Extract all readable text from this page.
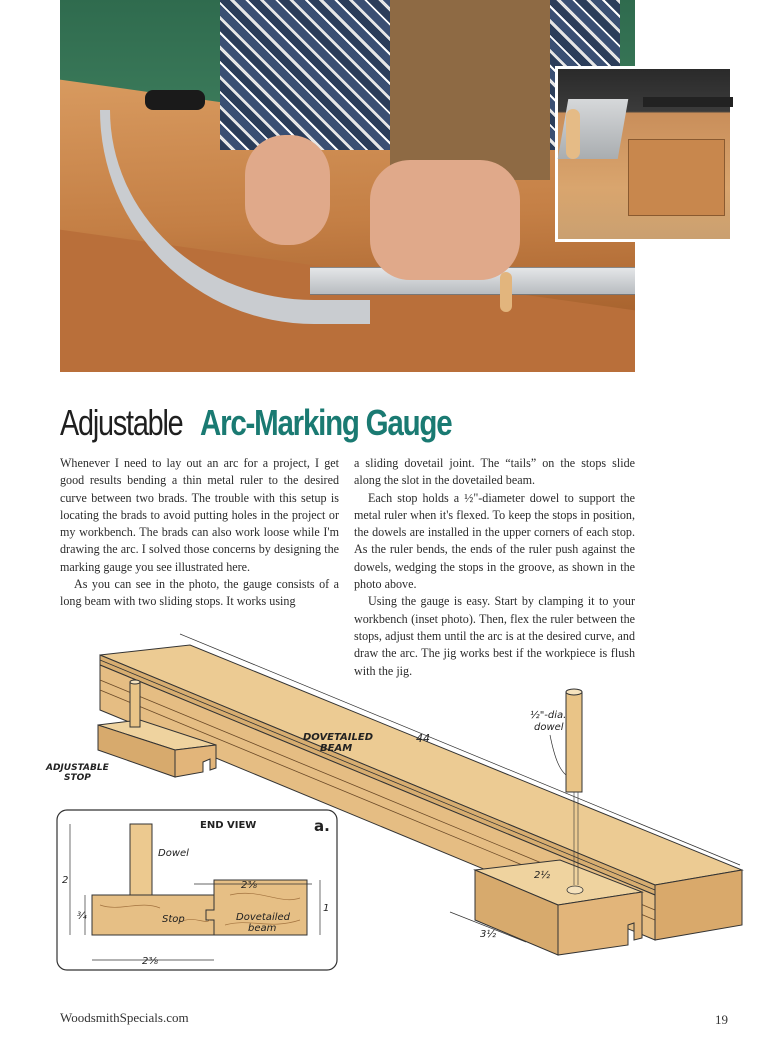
Adjustable Arc-Marking Gauge

Whenever I need to lay out an arc for a project, I get good results bending a thin metal ruler to the desired curve between two brads. The trouble with this setup is locating the brads to avoid putting holes in the project or my workbench. The brads can also work loose while I'm drawing the arc. I solved those concerns by designing the marking gauge you see illustrated here.

As you can see in the photo, the gauge consists of a long beam with two sliding stops. It works using

a sliding dovetail joint. The “tails” on the stops slide along the slot in the dovetailed beam.

Each stop holds a ½"-diameter dowel to support the metal ruler when it's flexed. To keep the stops in position, the dowels are installed in the upper corners of each stop. As the ruler bends, the ends of the ruler push against the dowels, wedging the stops in the groove, as shown in the photo above.

Using the gauge is easy. Start by clamping it to your workbench (inset photo). Then, flex the ruler between the stops, adjust them until the arc is at the desired curve, and draw the arc. The jig works best if the workpiece is flush with the jig.

½"-dia.
dowel
ADJUSTABLE
STOP
DOVETAILED
BEAM
44
2½
3½
END VIEW	a.
Dowel
Stop	Dovetailed
beam
2
¾
1
2⅜
2⅜
WoodsmithSpecials.com	19
